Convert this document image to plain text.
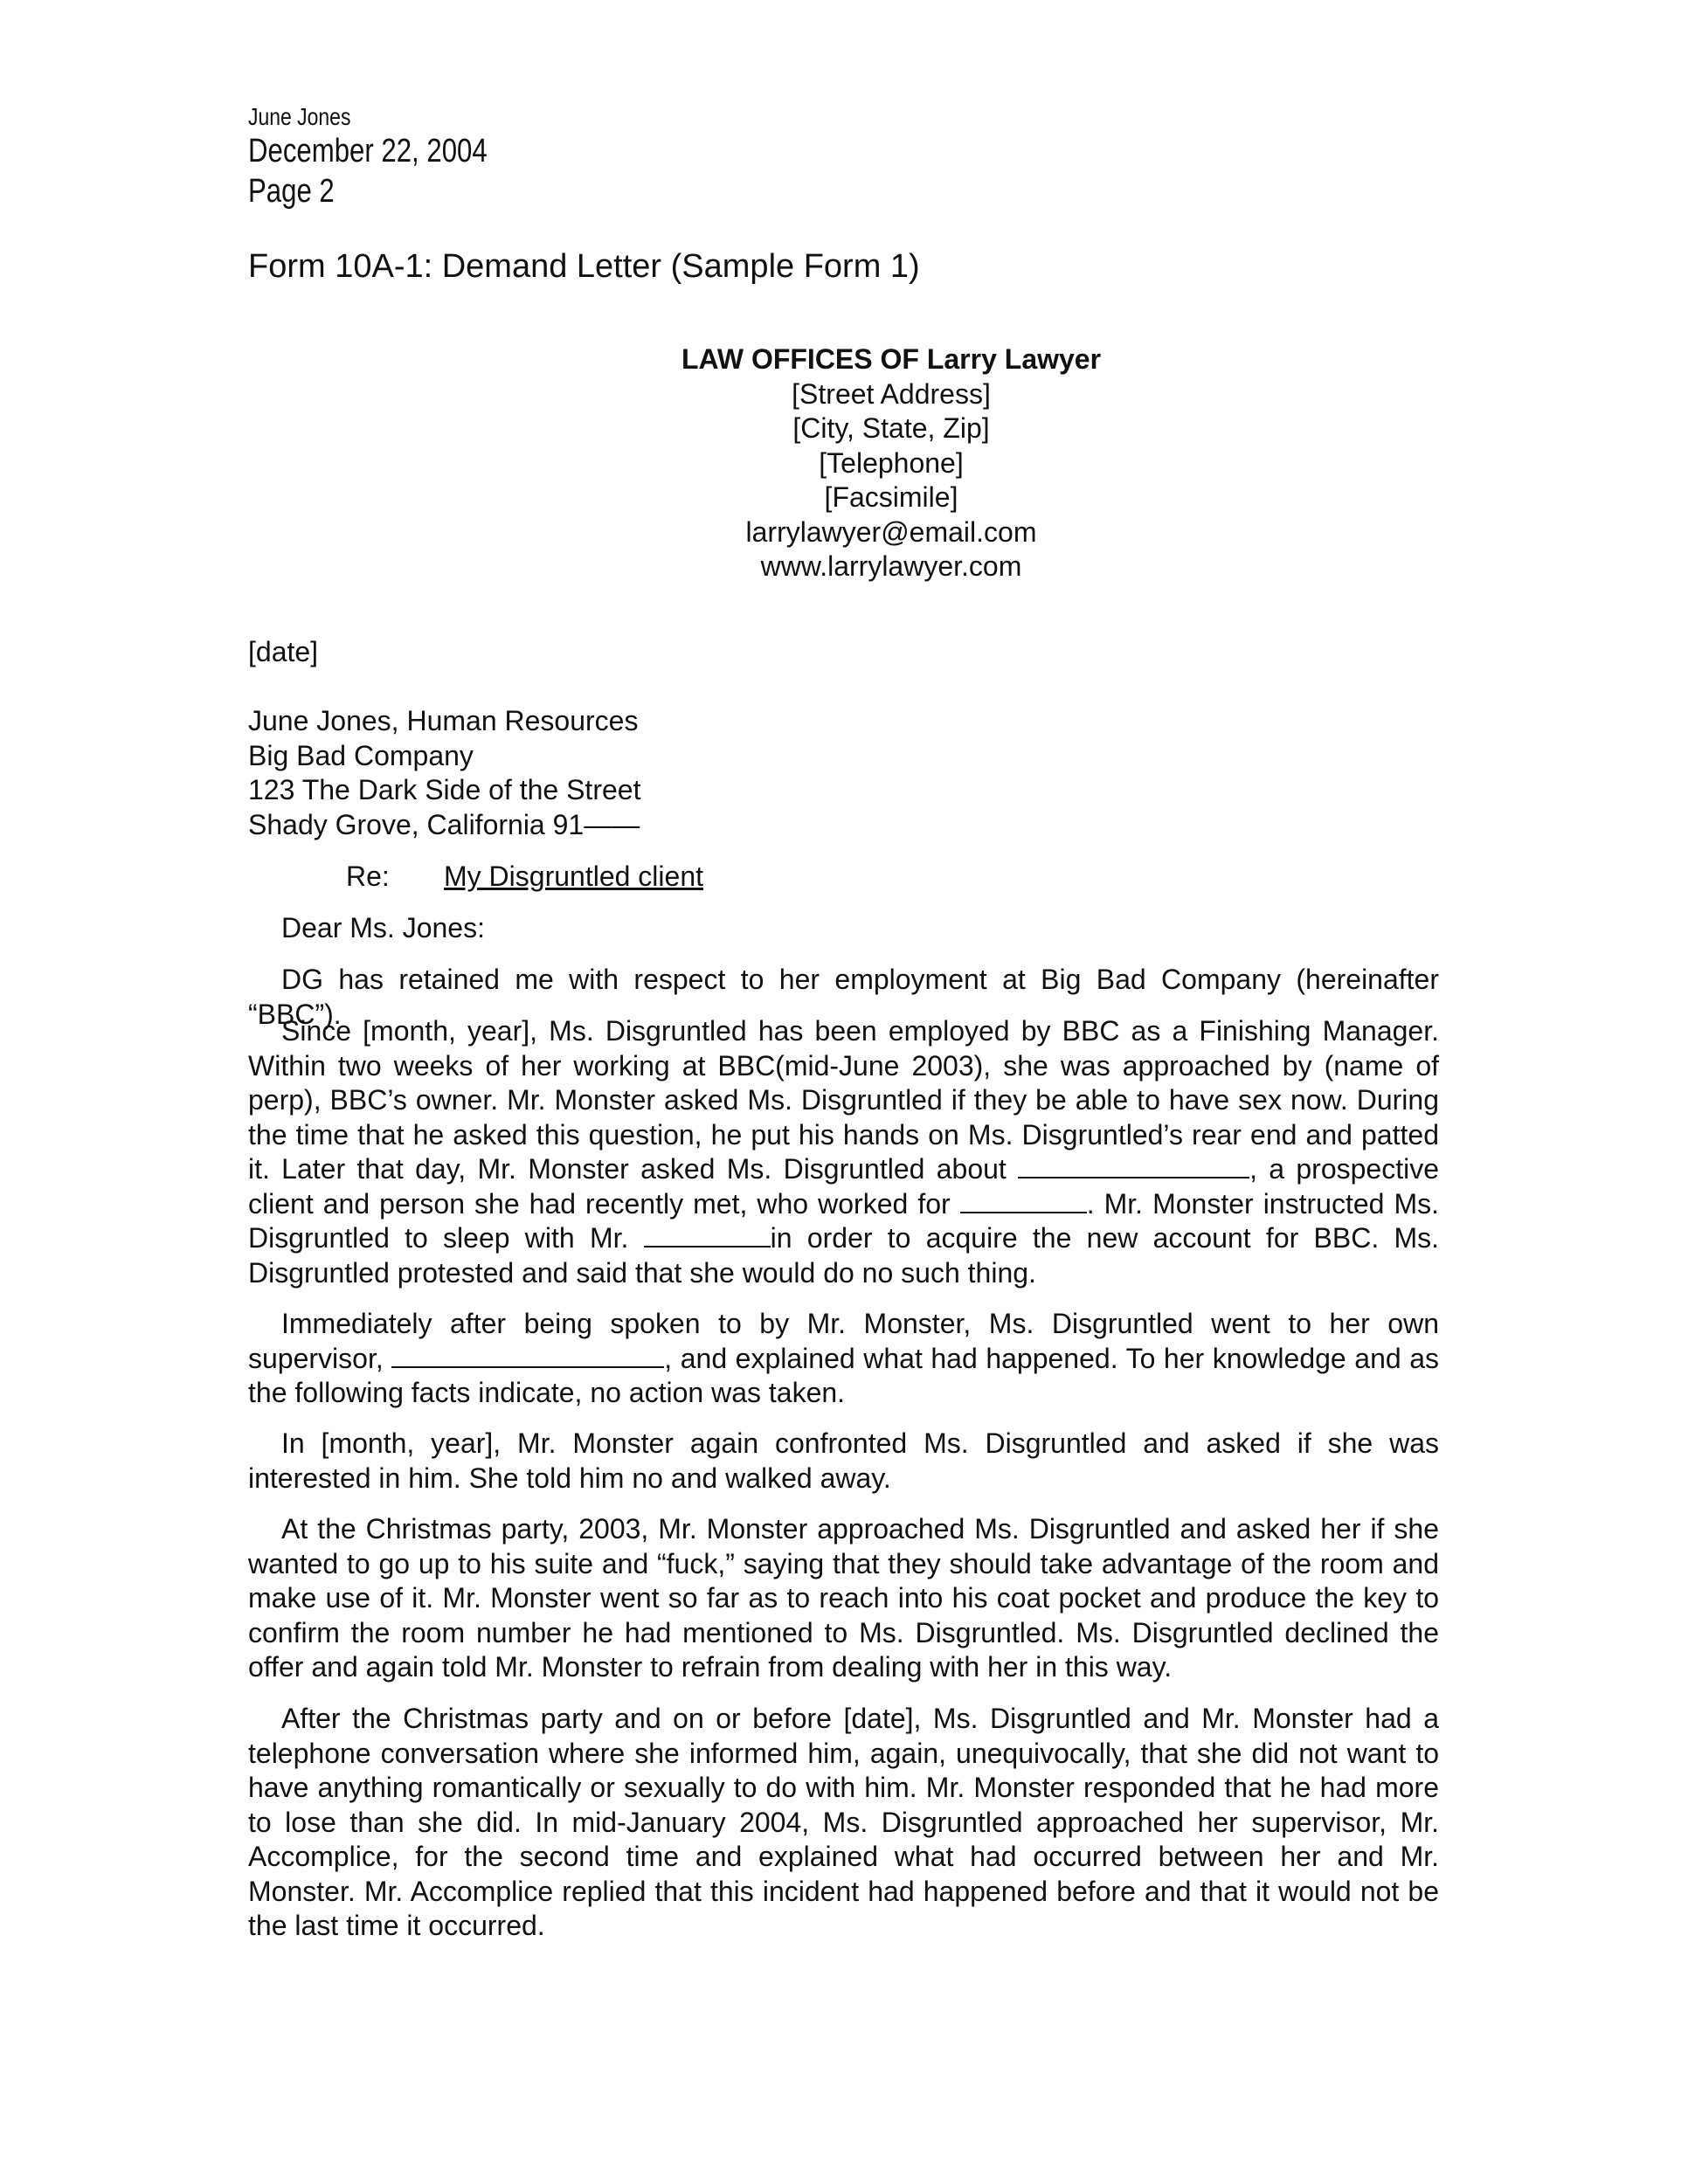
June Jones
December 22, 2004
Page 2
Form 10A-1: Demand Letter (Sample Form 1)
LAW OFFICES OF Larry Lawyer
[Street Address]
[City, State, Zip]
[Telephone]
[Facsimile]
larrylawyer@email.com
www.larrylawyer.com
[date]
June Jones, Human Resources
Big Bad Company
123 The Dark Side of the Street
Shady Grove, California 91——
Re: My Disgruntled client
Dear Ms. Jones:

DG has retained me with respect to her employment at Big Bad Company (hereinafter “BBC”).

Since [month, year], Ms. Disgruntled has been employed by BBC as a Finishing Manager. Within two weeks of her working at BBC(mid-June 2003), she was approached by (name of perp), BBC’s owner. Mr. Monster asked Ms. Disgruntled if they be able to have sex now. During the time that he asked this question, he put his hands on Ms. Disgruntled’s rear end and patted it. Later that day, Mr. Monster asked Ms. Disgruntled about	, a prospective client and person she had recently met, who worked for	. Mr. Monster instructed Ms. Disgruntled to sleep with Mr.	in order to acquire the new account for BBC. Ms. Disgruntled protested and said that she would do no such thing.

Immediately after being spoken to by Mr. Monster, Ms. Disgruntled went to her own supervisor,	, and explained what had happened. To her knowledge and as the following facts indicate, no action was taken.

In [month, year], Mr. Monster again confronted Ms. Disgruntled and asked if she was interested in him. She told him no and walked away.

At the Christmas party, 2003, Mr. Monster approached Ms. Disgruntled and asked her if she wanted to go up to his suite and “fuck,” saying that they should take advantage of the room and make use of it. Mr. Monster went so far as to reach into his coat pocket and produce the key to confirm the room number he had mentioned to Ms. Disgruntled. Ms. Disgruntled declined the offer and again told Mr. Monster to refrain from dealing with her in this way.

After the Christmas party and on or before [date], Ms. Disgruntled and Mr. Monster had a telephone conversation where she informed him, again, unequivocally, that she did not want to have anything romantically or sexually to do with him. Mr. Monster responded that he had more to lose than she did. In mid-January 2004, Ms. Disgruntled approached her supervisor, Mr. Accomplice, for the second time and explained what had occurred between her and Mr. Monster. Mr. Accomplice replied that this incident had happened before and that it would not be the last time it occurred.
